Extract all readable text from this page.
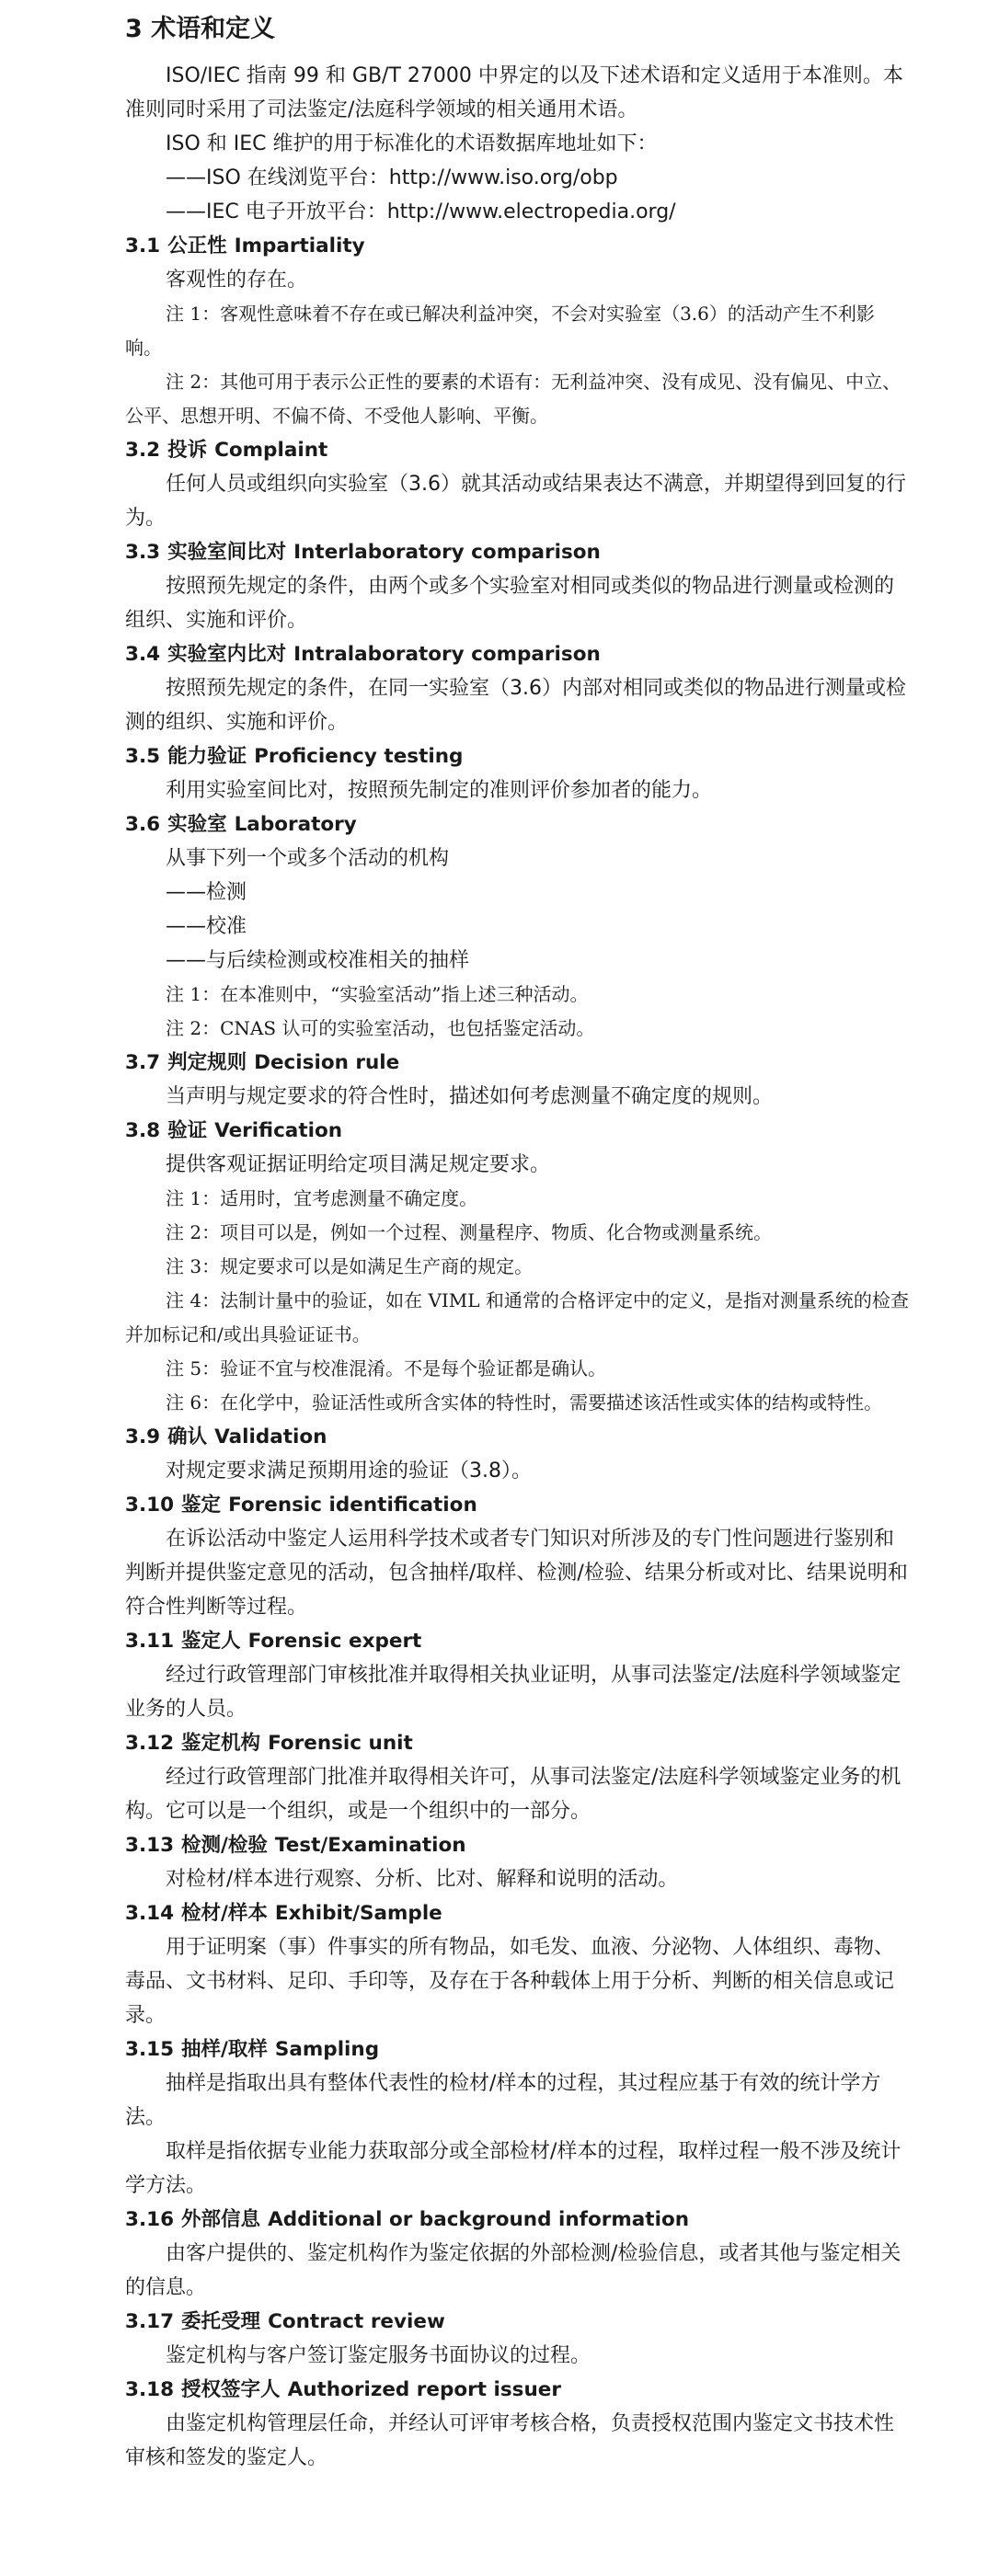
3 术语和定义

ISO/IEC 指南 99 和 GB/T 27000 中界定的以及下述术语和定义适用于本准则。本准则同时采用了司法鉴定/法庭科学领域的相关通用术语。

ISO 和 IEC 维护的用于标准化的术语数据库地址如下：

——ISO 在线浏览平台：http://www.iso.org/obp

——IEC 电子开放平台：http://www.electropedia.org/

3.1 公正性 Impartiality

客观性的存在。

注 1：客观性意味着不存在或已解决利益冲突，不会对实验室（3.6）的活动产生不利影响。

注 2：其他可用于表示公正性的要素的术语有：无利益冲突、没有成见、没有偏见、中立、公平、思想开明、不偏不倚、不受他人影响、平衡。

3.2 投诉 Complaint

任何人员或组织向实验室（3.6）就其活动或结果表达不满意，并期望得到回复的行为。

3.3 实验室间比对 Interlaboratory comparison

按照预先规定的条件，由两个或多个实验室对相同或类似的物品进行测量或检测的组织、实施和评价。

3.4 实验室内比对 Intralaboratory comparison

按照预先规定的条件，在同一实验室（3.6）内部对相同或类似的物品进行测量或检测的组织、实施和评价。

3.5 能力验证 Proficiency testing

利用实验室间比对，按照预先制定的准则评价参加者的能力。

3.6 实验室 Laboratory

从事下列一个或多个活动的机构

——检测

——校准

——与后续检测或校准相关的抽样

注 1：在本准则中，“实验室活动”指上述三种活动。

注 2：CNAS 认可的实验室活动，也包括鉴定活动。

3.7 判定规则 Decision rule

当声明与规定要求的符合性时，描述如何考虑测量不确定度的规则。

3.8 验证 Verification

提供客观证据证明给定项目满足规定要求。

注 1：适用时，宜考虑测量不确定度。

注 2：项目可以是，例如一个过程、测量程序、物质、化合物或测量系统。

注 3：规定要求可以是如满足生产商的规定。

注 4：法制计量中的验证，如在 VIML 和通常的合格评定中的定义，是指对测量系统的检查并加标记和/或出具验证证书。

注 5：验证不宜与校准混淆。不是每个验证都是确认。

注 6：在化学中，验证活性或所含实体的特性时，需要描述该活性或实体的结构或特性。

3.9 确认 Validation

对规定要求满足预期用途的验证（3.8）。

3.10 鉴定 Forensic identification

在诉讼活动中鉴定人运用科学技术或者专门知识对所涉及的专门性问题进行鉴别和判断并提供鉴定意见的活动，包含抽样/取样、检测/检验、结果分析或对比、结果说明和符合性判断等过程。

3.11 鉴定人 Forensic expert

经过行政管理部门审核批准并取得相关执业证明，从事司法鉴定/法庭科学领域鉴定业务的人员。

3.12 鉴定机构 Forensic unit

经过行政管理部门批准并取得相关许可，从事司法鉴定/法庭科学领域鉴定业务的机构。它可以是一个组织，或是一个组织中的一部分。

3.13 检测/检验 Test/Examination

对检材/样本进行观察、分析、比对、解释和说明的活动。

3.14 检材/样本 Exhibit/Sample

用于证明案（事）件事实的所有物品，如毛发、血液、分泌物、人体组织、毒物、毒品、文书材料、足印、手印等，及存在于各种载体上用于分析、判断的相关信息或记录。

3.15 抽样/取样 Sampling

抽样是指取出具有整体代表性的检材/样本的过程，其过程应基于有效的统计学方法。

取样是指依据专业能力获取部分或全部检材/样本的过程，取样过程一般不涉及统计学方法。

3.16 外部信息 Additional or background information

由客户提供的、鉴定机构作为鉴定依据的外部检测/检验信息，或者其他与鉴定相关的信息。

3.17 委托受理 Contract review

鉴定机构与客户签订鉴定服务书面协议的过程。

3.18 授权签字人 Authorized report issuer

由鉴定机构管理层任命，并经认可评审考核合格，负责授权范围内鉴定文书技术性审核和签发的鉴定人。
